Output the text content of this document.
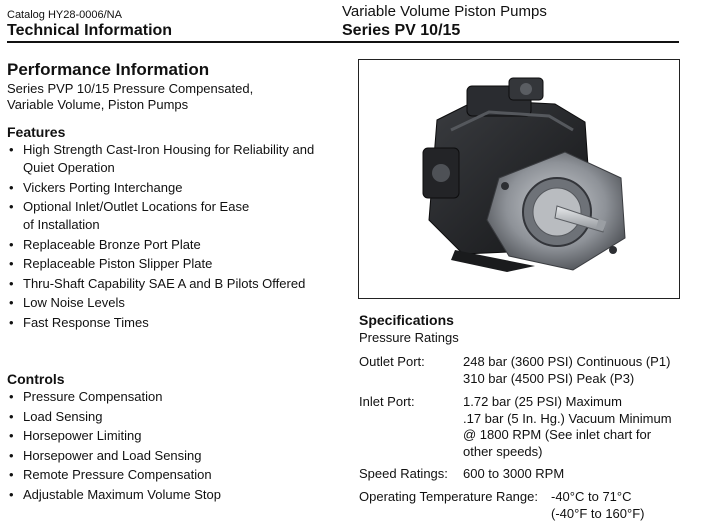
Catalog HY28-0006/NA
Technical Information
Variable Volume Piston Pumps
Series PV 10/15
Performance Information
Series PVP 10/15 Pressure Compensated,
Variable Volume, Piston Pumps
Features
• High Strength Cast-Iron Housing for Reliability and
Quiet Operation
• Vickers Porting Interchange
• Optional Inlet/Outlet Locations for Ease
of Installation
• Replaceable Bronze Port Plate
• Replaceable Piston Slipper Plate
• Thru-Shaft Capability SAE A and B Pilots Offered
• Low Noise Levels
• Fast Response Times
Controls
• Pressure Compensation
• Load Sensing
• Horsepower Limiting
• Horsepower and Load Sensing
• Remote Pressure Compensation
• Adjustable Maximum Volume Stop
Specifications
Pressure Ratings
Outlet Port:	248 bar (3600 PSI) Continuous (P1)
310 bar (4500 PSI) Peak (P3)
Inlet Port:	1.72 bar (25 PSI) Maximum
.17 bar (5 In. Hg.) Vacuum Minimum
@ 1800 RPM (See inlet chart for
other speeds)
Speed Ratings: 600 to 3000 RPM
Operating Temperature Range: -40°C to 71°C
(-40°F to 160°F)
